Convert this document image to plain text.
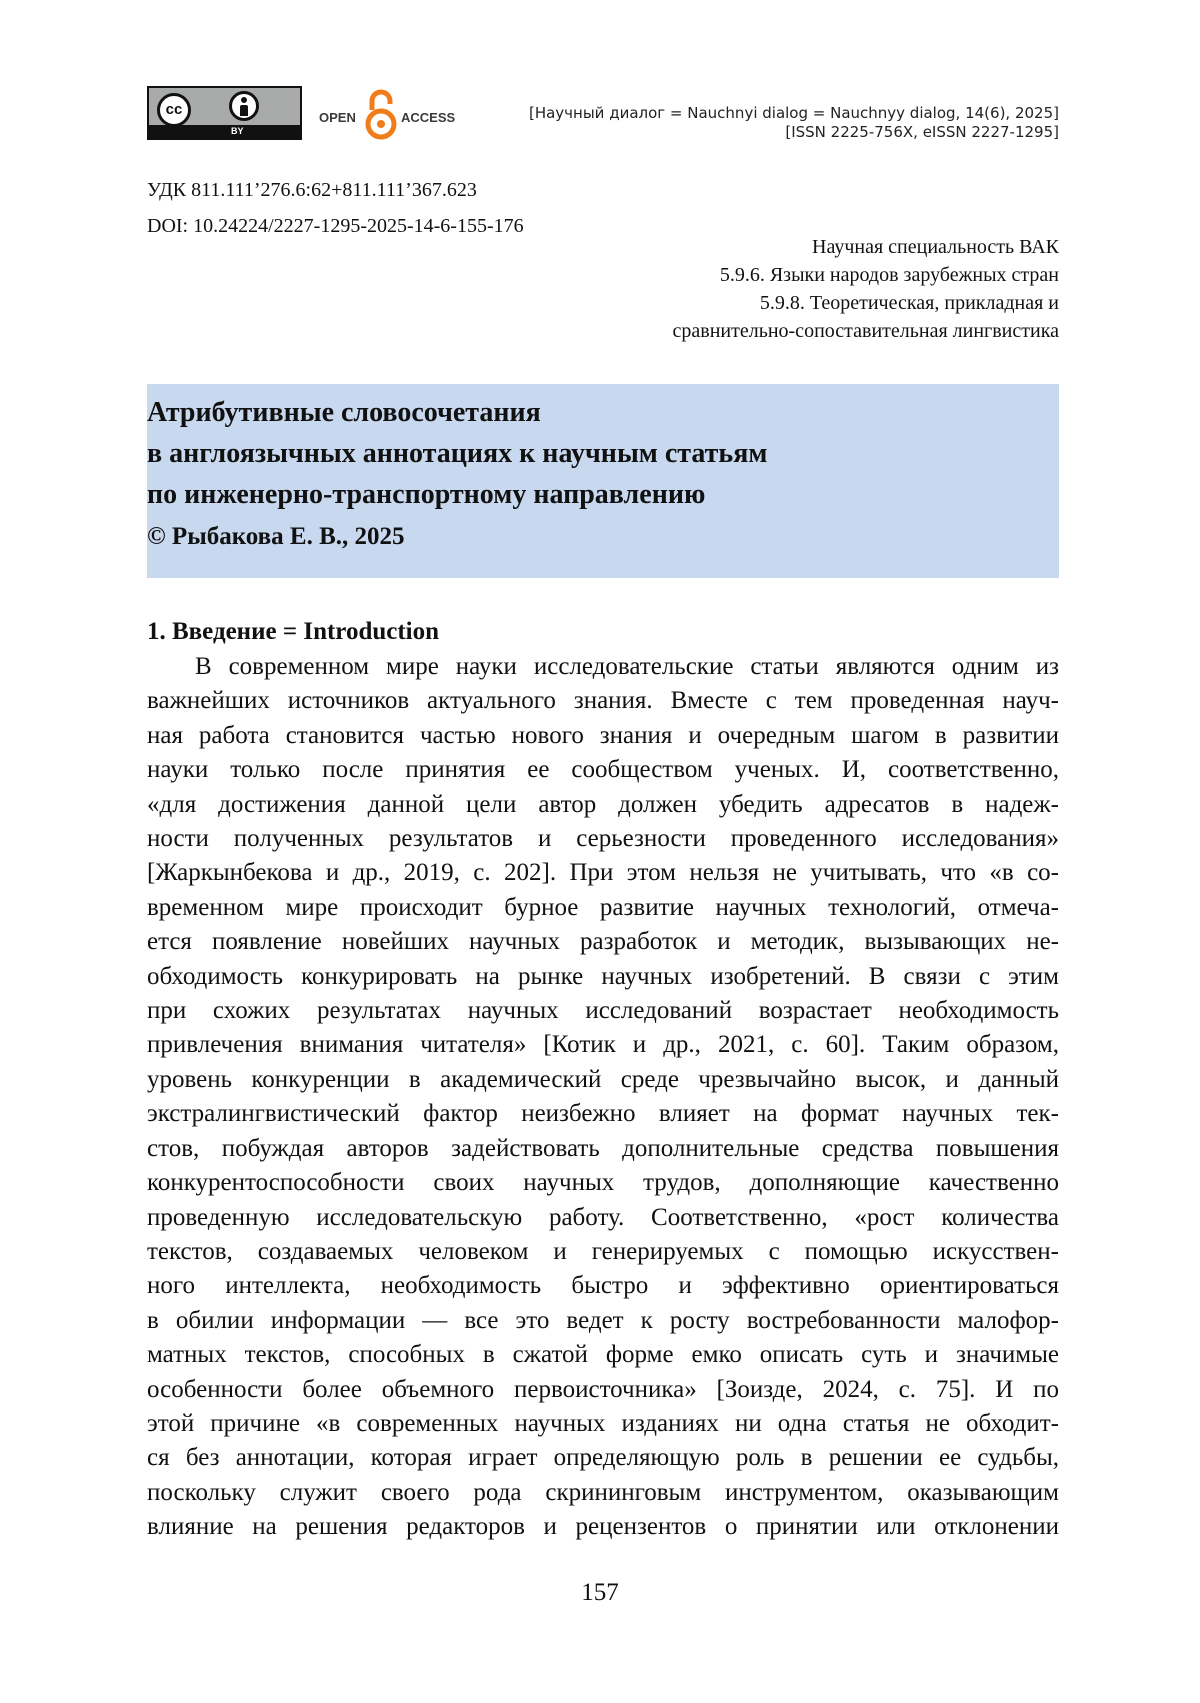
cc
BY
OPEN	ACCESS	[Научный диалог = Nauchnyi dialog = Nauchnyy dialog, 14(6), 2025]
[ISSN 2225-756X, eISSN 2227-1295]
УДК 811.111’276.6:62+811.111’367.623
DOI: 10.24224/2227-1295-2025-14-6-155-176
Научная специальность ВАК
5.9.6. Языки народов зарубежных стран
5.9.8. Теоретическая, прикладная и
сравнительно-сопоставительная лингвистика
Атрибутивные словосочетания
в англоязычных аннотациях к научным статьям
по инженерно-транспортному направлению
© Рыбакова Е. В., 2025
1. Введение = Introduction
В современном мире науки исследовательские статьи являются одним из
важнейших источников актуального знания. Вместе с тем проведенная науч-
ная работа становится частью нового знания и очередным шагом в развитии
науки только после принятия ее сообществом ученых. И, соответственно,
«для достижения данной цели автор должен убедить адресатов в надеж-
ности полученных результатов и серьезности проведенного исследования»
[Жаркынбекова и др., 2019, с. 202]. При этом нельзя не учитывать, что «в со-
временном мире происходит бурное развитие научных технологий, отмеча-
ется появление новейших научных разработок и методик, вызывающих не-
обходимость конкурировать на рынке научных изобретений. В связи с этим
при схожих результатах научных исследований возрастает необходимость
привлечения внимания читателя» [Котик и др., 2021, с. 60]. Таким образом,
уровень конкуренции в академический среде чрезвычайно высок, и данный
экстралингвистический фактор неизбежно влияет на формат научных тек-
стов, побуждая авторов задействовать дополнительные средства повышения
конкурентоспособности своих научных трудов, дополняющие качественно
проведенную исследовательскую работу. Соответственно, «рост количества
текстов, создаваемых человеком и генерируемых с помощью искусствен-
ного интеллекта, необходимость быстро и эффективно ориентироваться
в обилии информации — все это ведет к росту востребованности малофор-
матных текстов, способных в сжатой форме емко описать суть и значимые
особенности более объемного первоисточника» [Зоизде, 2024, с. 75]. И по
этой причине «в современных научных изданиях ни одна статья не обходит-
ся без аннотации, которая играет определяющую роль в решении ее судьбы,
поскольку служит своего рода скрининговым инструментом, оказывающим
влияние на решения редакторов и рецензентов о принятии или отклонении
157
